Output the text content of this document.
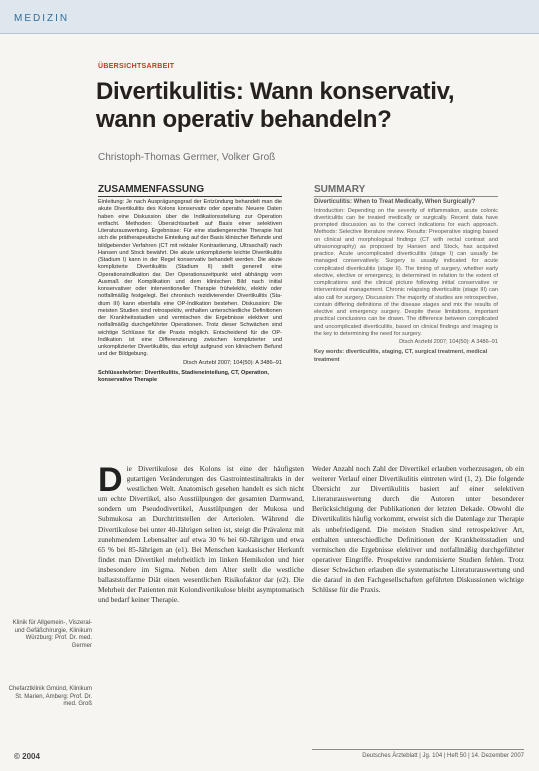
MEDIZIN
ÜBERSICHTSARBEIT
Divertikulitis: Wann konservativ,
wann operativ behandeln?
Christoph-Thomas Germer, Volker Groß
ZUSAMMENFASSUNG
Einleitung: Je nach Ausprägungsgrad der Entzündung behandelt man die akute Divertikulitis des Kolons konservativ oder operativ. Neuere Daten haben eine Diskussion über die Indikationsstellung zur Operation entfacht. Methoden: Übersichtsarbeit auf Basis einer selektiven Literaturauswertung. Ergebnisse: Für eine stadiengerechte Therapie hat sich die prätherapeutische Einteilung auf der Basis klinischer Befunde und bildgebender Verfahren (CT mit rektaler Kontrastierung, Ultraschall) nach Hansen und Stock bewährt. Die akute unkomplizierte leichte Divertikulitis (Stadium I) kann in der Regel konservativ behandelt werden. Die akute komplizierte Divertikulitis (Stadium II) stellt generell eine Operationsindikation dar. Der Operationszeitpunkt wird abhängig vom Ausmaß der Komplikation und dem klinischen Bild nach initial konservativer oder interventioneller Therapie frühelektiv, elektiv oder notfallmäßig festgelegt. Bei chronisch rezidivierender Divertikulitis (Stadium III) kann ebenfalls eine OP-Indikation bestehen. Diskussion: Die meisten Studien sind retrospektiv, enthalten unterschiedliche Definitionen der Krankheitsstadien und vermischen die Ergebnisse elektiver und notfallmäßig durchgeführter Operationen. Trotz dieser Schwächen sind wichtige Schlüsse für die Praxis möglich. Entscheidend für die OP-Indikation ist eine Differenzierung zwischen komplizierter und unkomplizierter Divertikulitis, das erfolgt aufgrund von klinischem Befund und der Bildgebung.
Dtsch Arztebl 2007; 104(50): A 3486–91
Schlüsselwörter: Divertikulitis, Stadieneinteilung, CT, Operation, konservative Therapie
SUMMARY
Diverticulitis: When to Treat Medically, When Surgically?
Introduction: Depending on the severity of inflammation, acute colonic diverticulitis can be treated medically or surgically. Recent data have prompted discussion as to the correct indications for each approach. Methods: Selective literature review. Results: Preoperative staging based on clinical and morphological findings (CT with rectal contrast and ultrasonography) as proposed by Hansen and Stock, has acquired practice. Acute uncomplicated diverticulitis (stage I) can usually be managed conservatively. Surgery is usually indicated for acute complicated diverticulitis (stage II). The timing of surgery, whether early elective, elective or emergency, is determined in relation to the extent of complications and the clinical picture following initial conservative or interventional management. Chronic relapsing diverticulitis (stage III) can also call for surgery. Discussion: The majority of studies are retrospective, contain differing definitions of the disease stages and mix the results of elective and emergency surgery. Despite these limitations, important practical conclusions can be drawn. The difference between complicated and uncomplicated diverticulitis, based on clinical findings and imaging is the key to determining the need for surgery.
Dtsch Arztebl 2007; 104(50): A 3486–91
Key words: diverticulitis, staging, CT, surgical treatment, medical treatment
D ie Divertikulose des Kolons ist eine der häufigsten gutartigen Veränderungen des Gastrointestinaltrakts in der westlichen Welt. Anatomisch gesehen handelt es sich nicht um echte Divertikel, also Ausstülpungen der gesamten Darmwand, sondern um Pseudodivertikel, Ausstülpungen der Mukosa und Submukosa an Durchtrittstellen der Arteriolen. Während die Divertikulose bei unter 40-Jährigen selten ist, steigt die Prävalenz mit zunehmendem Lebensalter auf etwa 30 % bei 60-Jährigen und etwa 65 % bei 85-Jährigen an (e1). Bei Menschen kaukasischer Herkunft findet man Divertikel mehrheitlich im linken Hemikolon und hier insbesondere im Sigma. Neben dem Alter stellt die westliche ballaststoffarme Diät einen wesentlichen Risikofaktor dar (e2). Die Mehrheit der Patienten mit Kolondivertikulose bleibt asymptomatisch und bedarf keiner Therapie.
Weder Anzahl noch Zahl der Divertikel erlauben vorherzusagen, ob ein weiterer Verlauf einer Divertikulitis eintreten wird (1, 2). Die folgende Übersicht zur Divertikulitis basiert auf einer selektiven Literaturauswertung durch die Autoren unter besonderer Berücksichtigung der Publikationen der letzten Dekade. Obwohl die Divertikulitis häufig vorkommt, erweist sich die Datenlage zur Therapie als unbefriedigend. Die meisten Studien sind retrospektiver Art, enthalten unterschiedliche Definitionen der Krankheitsstadien und vermischen die Ergebnisse elektiver und notfallmäßig durchgeführter operativer Eingriffe. Prospektive randomisierte Studien fehlen. Trotz dieser Schwächen erlauben die systematische Literaturauswertung und die darauf in den Fachgesellschaften geführten Diskussionen wichtige Schlüsse für die Praxis.
Klinik für Allgemein-, Viszeral- und Gefäßchirurgie, Klinikum Würzburg: Prof. Dr. med. Germer
Chefarztklinik Gmünd, Klinikum St. Marien, Amberg: Prof. Dr. med. Groß
© 2004	Deutsches Ärzteblatt | Jg. 104 | Heft 50 | 14. Dezember 2007
